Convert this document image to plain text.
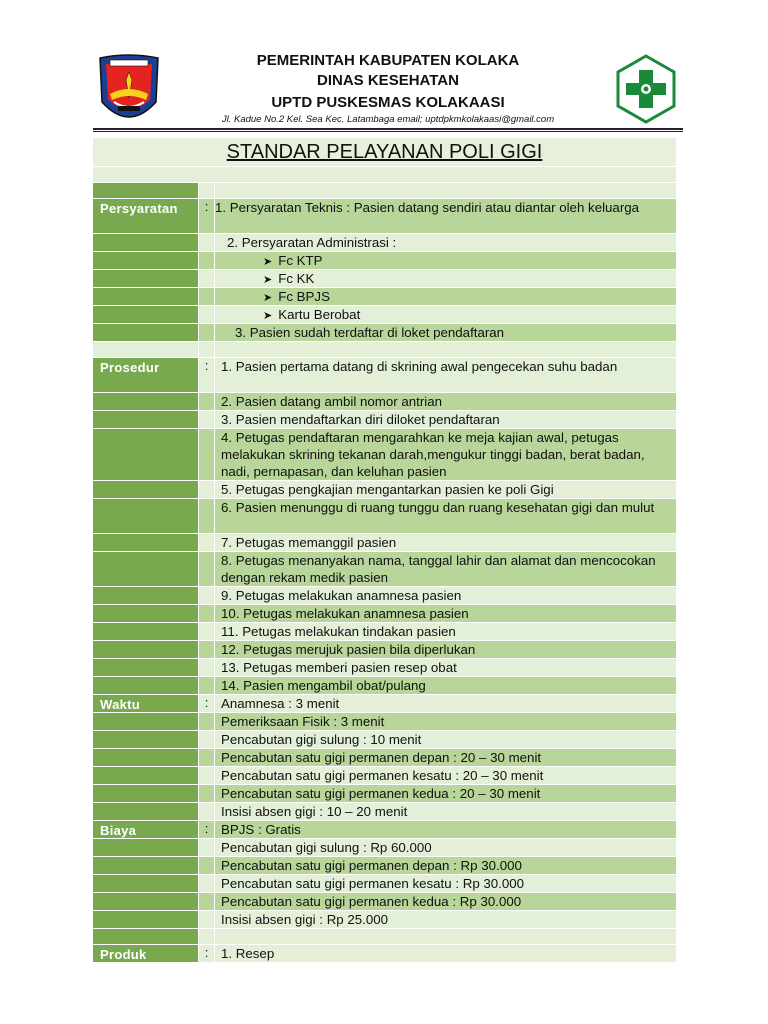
PEMERINTAH KABUPATEN KOLAKA
DINAS KESEHATAN
UPTD PUSKESMAS KOLAKAASI
Jl. Kadue No.2 Kel. Sea Kec. Latambaga email; uptdpkmkolakaasi@gmail.com
STANDAR PELAYANAN POLI GIGI
Persyaratan	: 1. Persyaratan Teknis : Pasien datang sendiri atau diantar oleh keluarga
2. Persyaratan Administrasi :
➤ Fc KTP
➤ Fc KK
➤ Fc BPJS
➤ Kartu Berobat
3. Pasien sudah terdaftar di loket pendaftaran
Prosedur	: 1. Pasien pertama datang di skrining awal pengecekan suhu badan
2. Pasien datang ambil nomor antrian
3. Pasien mendaftarkan diri diloket pendaftaran
4. Petugas pendaftaran mengarahkan ke meja kajian awal, petugas melakukan skrining tekanan darah,mengukur tinggi badan, berat badan, nadi, pernapasan, dan keluhan pasien
5. Petugas pengkajian mengantarkan pasien ke poli Gigi
6. Pasien menunggu di ruang tunggu dan ruang kesehatan gigi dan mulut
7. Petugas memanggil pasien
8. Petugas menanyakan nama, tanggal lahir dan alamat dan mencocokan dengan rekam medik pasien
9. Petugas melakukan anamnesa pasien
10. Petugas melakukan anamnesa pasien
11. Petugas melakukan tindakan pasien
12. Petugas merujuk pasien bila diperlukan
13. Petugas memberi pasien resep obat
14. Pasien mengambil obat/pulang
Waktu	: Anamnesa : 3 menit
Pemeriksaan Fisik : 3 menit
Pencabutan gigi sulung : 10 menit
Pencabutan satu gigi permanen depan : 20 – 30 menit
Pencabutan satu gigi permanen kesatu : 20 – 30 menit
Pencabutan satu gigi permanen kedua : 20 – 30 menit
Insisi absen gigi : 10 – 20 menit
Biaya	: BPJS : Gratis
Pencabutan gigi sulung : Rp 60.000
Pencabutan satu gigi permanen depan : Rp 30.000
Pencabutan satu gigi permanen kesatu : Rp 30.000
Pencabutan satu gigi permanen kedua : Rp 30.000
Insisi absen gigi : Rp 25.000
Produk	: 1. Resep
